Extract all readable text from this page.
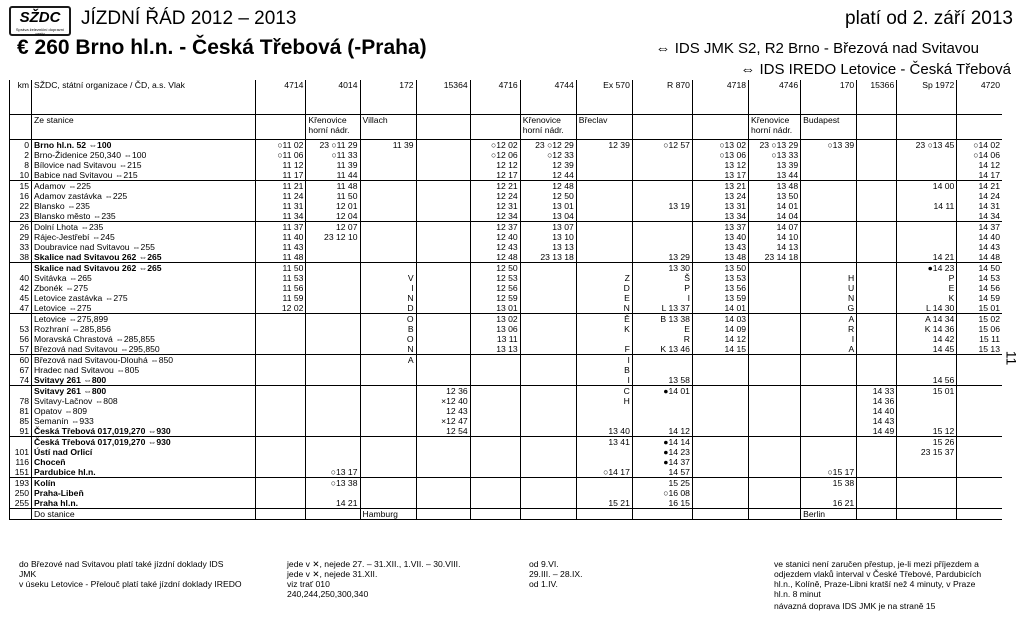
SŽDC
Správa železniční dopravní cesty
JÍZDNÍ ŘÁD 2012 – 2013	platí od 2. září 2013
€ 260 Brno hl.n. - Česká Třebová (-Praha)	⇔ IDS JMK S2, R2 Brno - Březová nad Svitavou
⇔ IDS IREDO Letovice - Česká Třebová
km	SŽDC, státní organizace / ČD, a.s. Vlak	4714	4014	172	15364	4716	4744	Ex 570	R 870	4718	4746	170	15366	Sp 1972	4720
	Ze stanice		Křenovice horní nádr.	Villach			Křenovice horní nádr.	Břeclav			Křenovice horní nádr.	Budapest			
0	Brno hl.n. 52 ⇔100	○11 02	23 ○11 29	11 39		○12 02	23 ○12 29	12 39	○12 57	○13 02	23 ○13 29	○13 39		23 ○13 45	○14 02
2	Brno-Židenice 250,340 ⇔100	○11 06	○11 33			○12 06	○12 33			○13 06	○13 33				○14 06
8	Bílovice nad Svitavou ⇔215	11 12	11 39			12 12	12 39			13 12	13 39				14 12
10	Babice nad Svitavou ⇔215	11 17	11 44			12 17	12 44			13 17	13 44				14 17
15	Adamov ⇔225	11 21	11 48			12 21	12 48			13 21	13 48			14 00	14 21
16	Adamov zastávka ⇔225	11 24	11 50			12 24	12 50			13 24	13 50				14 24
22	Blansko ⇔235	11 31	12 01			12 31	13 01		13 19	13 31	14 01			14 11	14 31
23	Blansko město ⇔235	11 34	12 04			12 34	13 04			13 34	14 04				14 34
26	Dolní Lhota ⇔235	11 37	12 07			12 37	13 07			13 37	14 07				14 37
29	Rájec-Jestřebí ⇔245	11 40	23 12 10			12 40	13 10			13 40	14 10				14 40
33	Doubravice nad Svitavou ⇔255	11 43				12 43	13 13			13 43	14 13				14 43
38	Skalice nad Svitavou 262 ⇔265	11 48				12 48	23 13 18		13 29	13 48	23 14 18			14 21	14 48
	Skalice nad Svitavou 262 ⇔265	11 50				12 50			13 30	13 50				●14 23	14 50
40	Svitávka ⇔265	11 53		V		12 53		Z	Š	13 53		H		P	14 53
42	Zbonék ⇔275	11 56		I		12 56		D	P	13 56		U		E	14 56
45	Letovice zastávka ⇔275	11 59		N		12 59		E	I	13 59		N		K	14 59
47	Letovice ⇔275	12 02		D		13 01		N	L 13 37	14 01		G		L 14 30	15 01
	Letovice ⇔275,899			O		13 02		Ě	B 13 38	14 03		A		A 14 34	15 02
53	Rozhraní ⇔285,856			B		13 06		K	E	14 09		R		K 14 36	15 06
56	Moravská Chrastová ⇔285,855			O		13 11			R	14 12		I		14 42	15 11
57	Březová nad Svitavou ⇔295,850			N		13 13		F	K 13 46	14 15		A		14 45	15 13
60	Březová nad Svitavou-Dlouhá ⇔850			A				I							
67	Hradec nad Svitavou ⇔805							B							
74	Svitavy 261 ⇔800							I	13 58					14 56	
	Svitavy 261 ⇔800				12 36			C	●14 01				14 33	15 01	
78	Svitavy-Lačnov ⇔808				×12 40			H					14 36		
81	Opatov ⇔809				12 43								14 40		
85	Semanín ⇔933				×12 47								14 43		
91	Česká Třebová 017,019,270 ⇔930				12 54			13 40	14 12				14 49	15 12	
	Česká Třebová 017,019,270 ⇔930							13 41	●14 14					15 26	
101	Ústí nad Orlicí								●14 23					23 15 37	
116	Choceň								●14 37						
151	Pardubice hl.n.		○13 17					○14 17	14 57			○15 17			
193	Kolín		○13 38						15 25			15 38			
250	Praha-Libeň								○16 08						
255	Praha hl.n.		14 21					15 21	16 15			16 21			
	Do stanice			Hamburg								Berlin			
do Březové nad Svitavou platí také jízdní doklady IDS JMK
v úseku Letovice - Přelouč platí také jízdní doklady IREDO
jede v ✕, nejede 27. – 31.XII., 1.VII. – 30.VIII.
jede v ✕, nejede 31.XII.
viz trať 010
240,244,250,300,340
od 9.VI.
29.III. – 28.IX.
od 1.IV.
ve stanici není zaručen přestup, je-li mezi příjezdem a odjezdem vlaků interval v České Třebové, Pardubicích hl.n., Kolíně, Praze-Libni kratší než 4 minuty, v Praze hl.n. 8 minut
návazná doprava IDS JMK je na straně 15
11
